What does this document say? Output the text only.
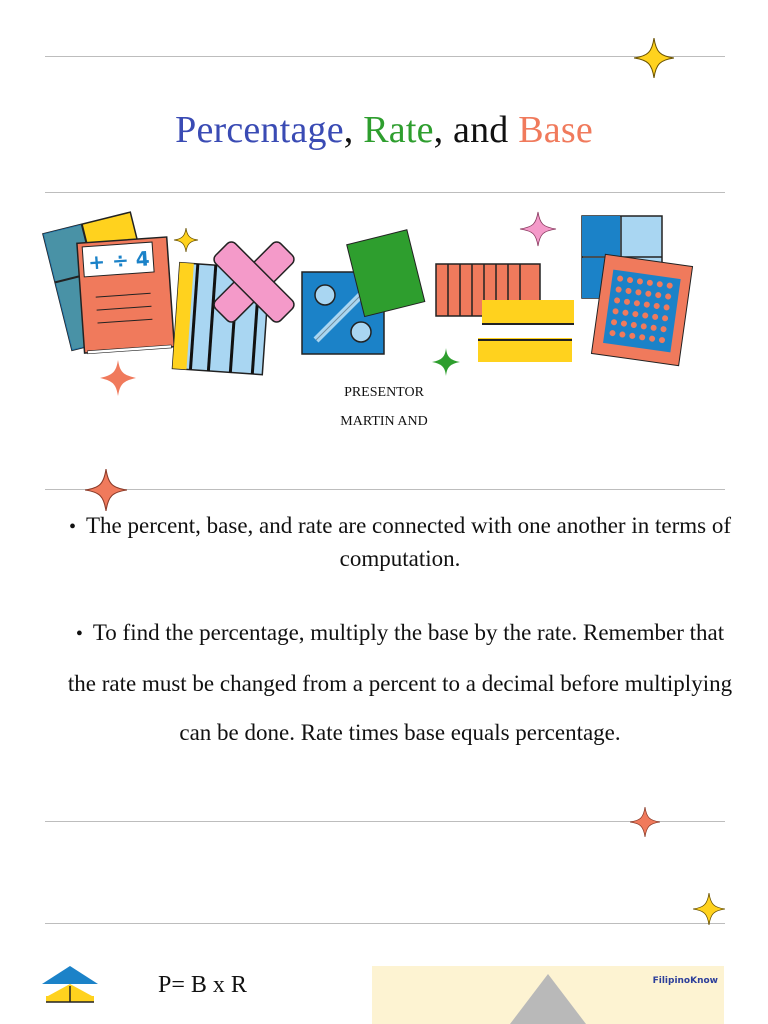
Percentage, Rate, and Base
+ ÷ 4
PRESENTOR
MARTIN AND
• The percent, base, and rate are connected with one another in terms of computation.
• To find the percentage, multiply the base by the rate. Remember that the rate must be changed from a percent to a decimal before multiplying can be done. Rate times base equals percentage.
P= B x R	FilipinoKnow
